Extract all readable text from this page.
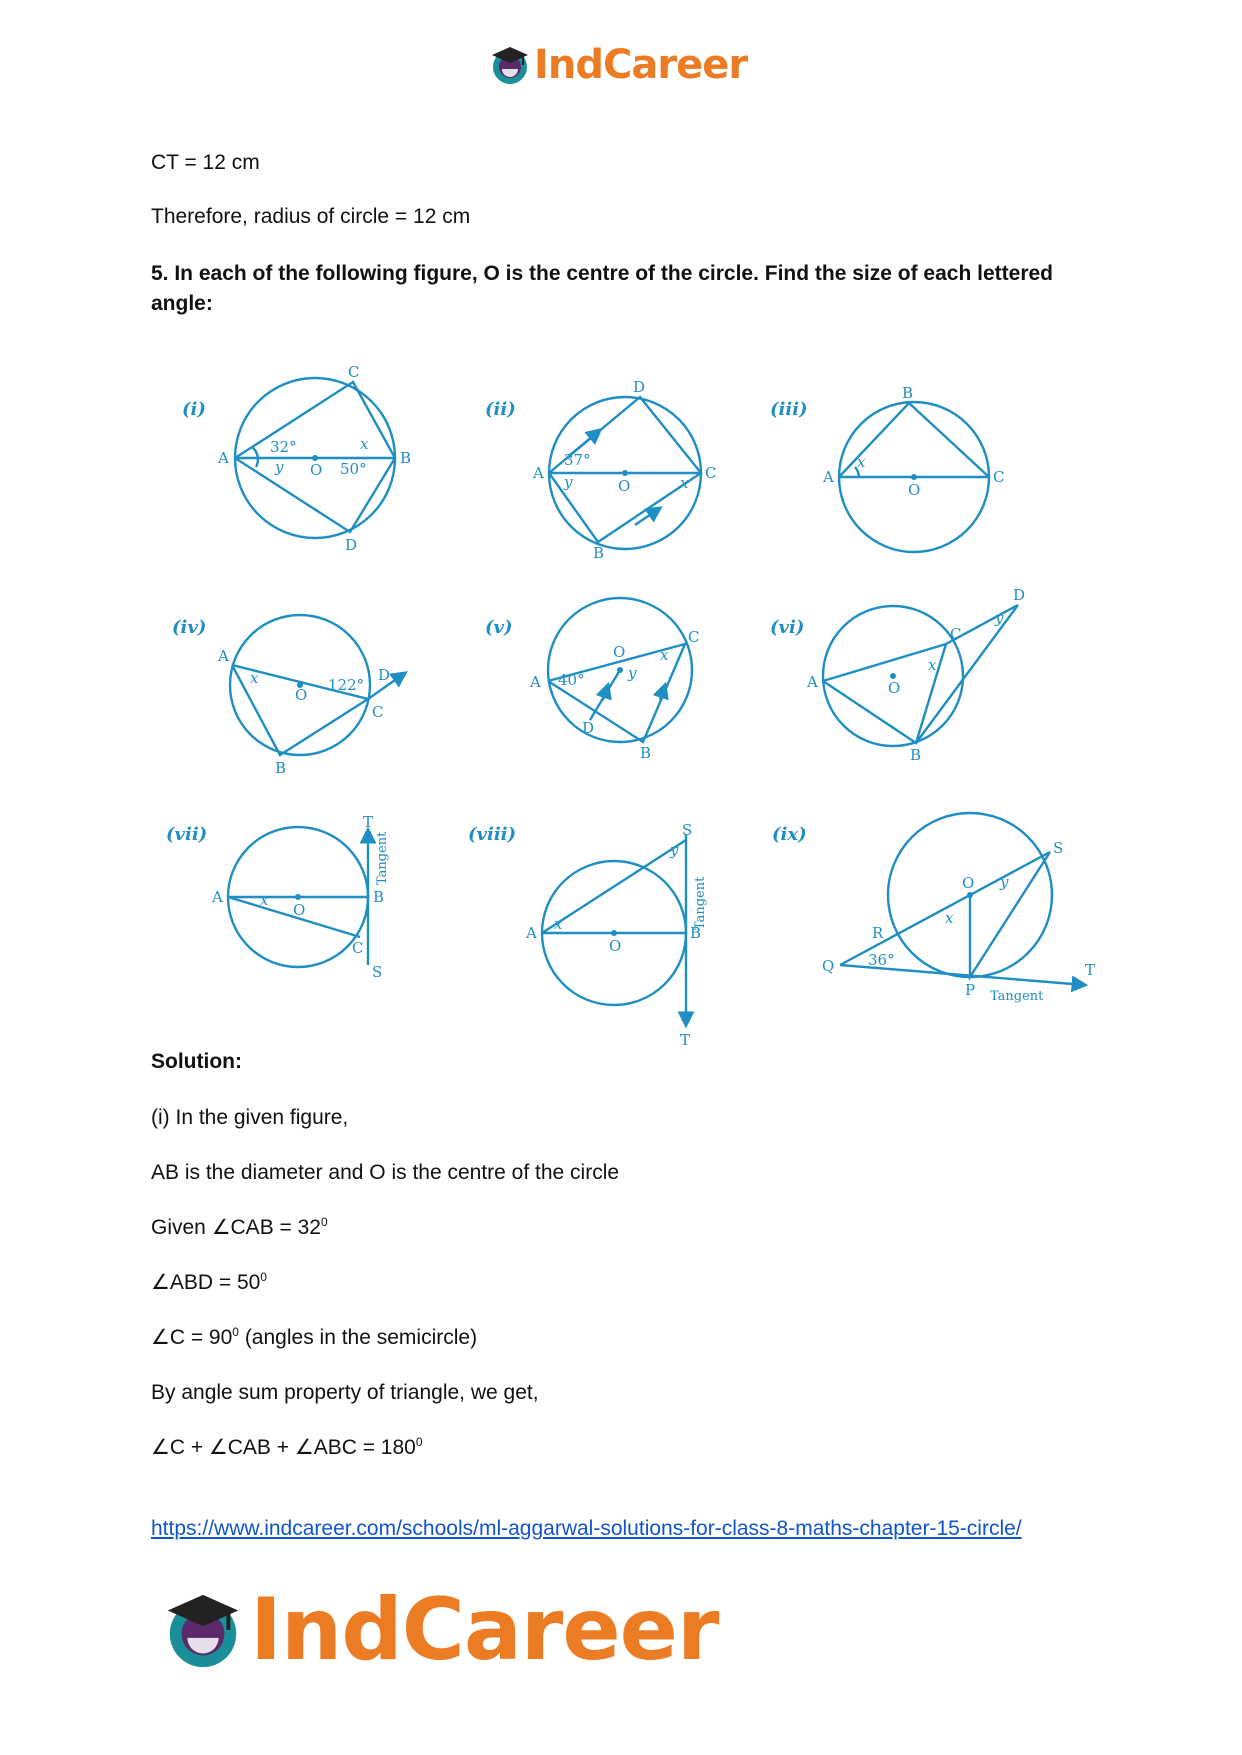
IndCareer
CT = 12 cm
Therefore, radius of circle = 12 cm
5. In each of the following figure, O is the centre of the circle. Find the size of each lettered angle:
(i)	(ii)	(iii)
(iv)	(v)	(vi)
(vii)	(viii)	(ix)
A	B
C
D
O
32°
50°
y
x
A	C
D
B
O
37°
y	x	A	C
B
O
x
A
C
D
B
O
122°
x	A
C
D
B
O
40°
x
y	A
C
D
B
O
x
y
A	B
C
S
T
O
x
A	B
S
T
O
x
y
Q
R
O
S
P
T
36°
x
y
Tangent
Tangent
Tangent
Solution:
(i) In the given figure,
AB is the diameter and O is the centre of the circle
Given ∠CAB = $32^0$
∠ABD = $50^0$
∠C = $90^0$ (angles in the semicircle)
By angle sum property of triangle, we get,
∠C + ∠CAB + ∠ABC = $180^0$
https://www.indcareer.com/schools/ml-aggarwal-solutions-for-class-8-maths-chapter-15-circle/
IndCareer
